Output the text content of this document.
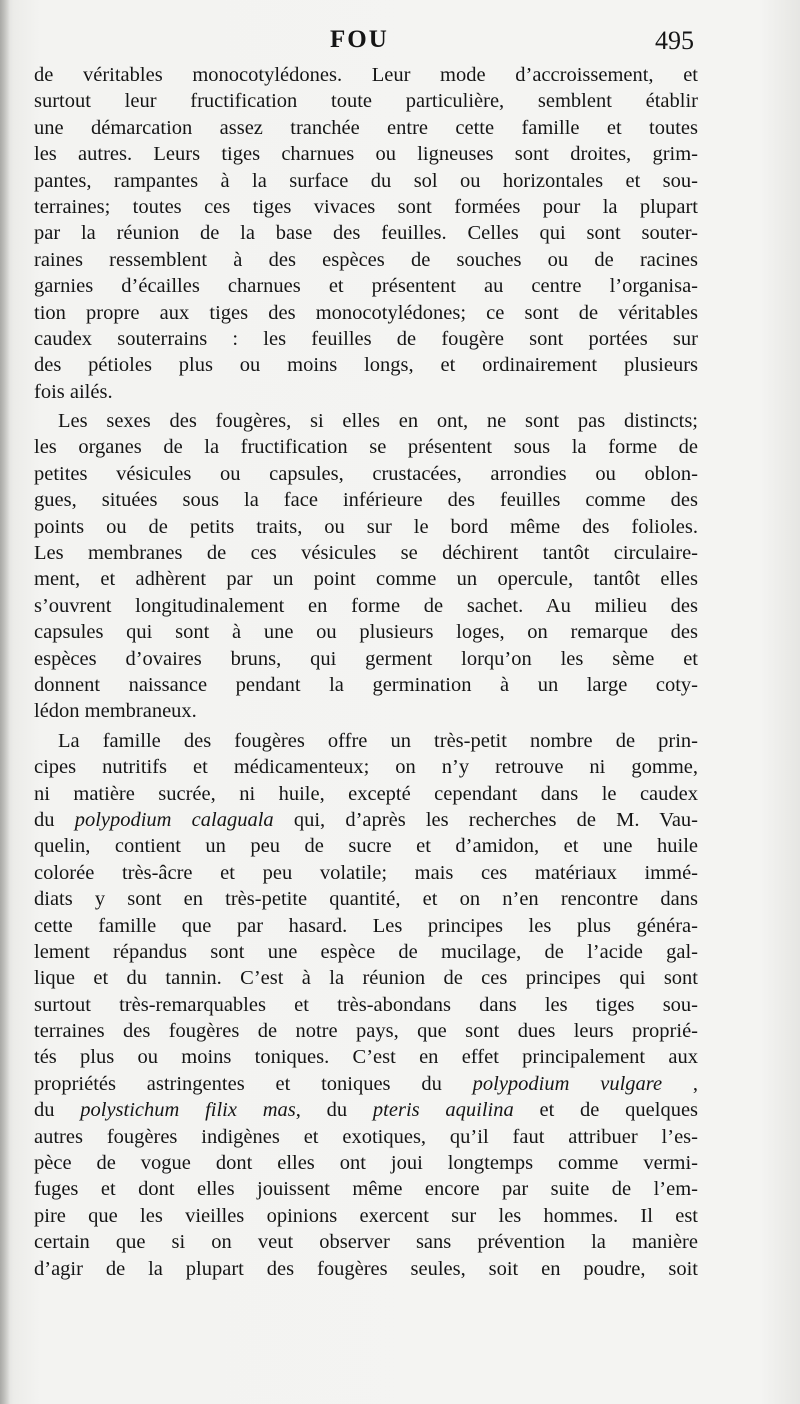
FOU	495
de véritables monocotylédones. Leur mode d’accroissement, et
surtout leur fructification toute particulière, semblent établir
une démarcation assez tranchée entre cette famille et toutes
les autres. Leurs tiges charnues ou ligneuses sont droites, grim-
pantes, rampantes à la surface du sol ou horizontales et sou-
terraines; toutes ces tiges vivaces sont formées pour la plupart
par la réunion de la base des feuilles. Celles qui sont souter-
raines ressemblent à des espèces de souches ou de racines
garnies d’écailles charnues et présentent au centre l’organisa-
tion propre aux tiges des monocotylédones; ce sont de véritables
caudex souterrains : les feuilles de fougère sont portées sur
des pétioles plus ou moins longs, et ordinairement plusieurs
fois ailés.
Les sexes des fougères, si elles en ont, ne sont pas distincts;
les organes de la fructification se présentent sous la forme de
petites vésicules ou capsules, crustacées, arrondies ou oblon-
gues, situées sous la face inférieure des feuilles comme des
points ou de petits traits, ou sur le bord même des folioles.
Les membranes de ces vésicules se déchirent tantôt circulaire-
ment, et adhèrent par un point comme un opercule, tantôt elles
s’ouvrent longitudinalement en forme de sachet. Au milieu des
capsules qui sont à une ou plusieurs loges, on remarque des
espèces d’ovaires bruns, qui germent lorqu’on les sème et
donnent naissance pendant la germination à un large coty-
lédon membraneux.
La famille des fougères offre un très-petit nombre de prin-
cipes nutritifs et médicamenteux; on n’y retrouve ni gomme,
ni matière sucrée, ni huile, excepté cependant dans le caudex
du polypodium calaguala qui, d’après les recherches de M. Vau-
quelin, contient un peu de sucre et d’amidon, et une huile
colorée très-âcre et peu volatile; mais ces matériaux immé-
diats y sont en très-petite quantité, et on n’en rencontre dans
cette famille que par hasard. Les principes les plus généra-
lement répandus sont une espèce de mucilage, de l’acide gal-
lique et du tannin. C’est à la réunion de ces principes qui sont
surtout très-remarquables et très-abondans dans les tiges sou-
terraines des fougères de notre pays, que sont dues leurs proprié-
tés plus ou moins toniques. C’est en effet principalement aux
propriétés astringentes et toniques du polypodium vulgare ,
du polystichum filix mas, du pteris aquilina et de quelques
autres fougères indigènes et exotiques, qu’il faut attribuer l’es-
pèce de vogue dont elles ont joui longtemps comme vermi-
fuges et dont elles jouissent même encore par suite de l’em-
pire que les vieilles opinions exercent sur les hommes. Il est
certain que si on veut observer sans prévention la manière
d’agir de la plupart des fougères seules, soit en poudre, soit
